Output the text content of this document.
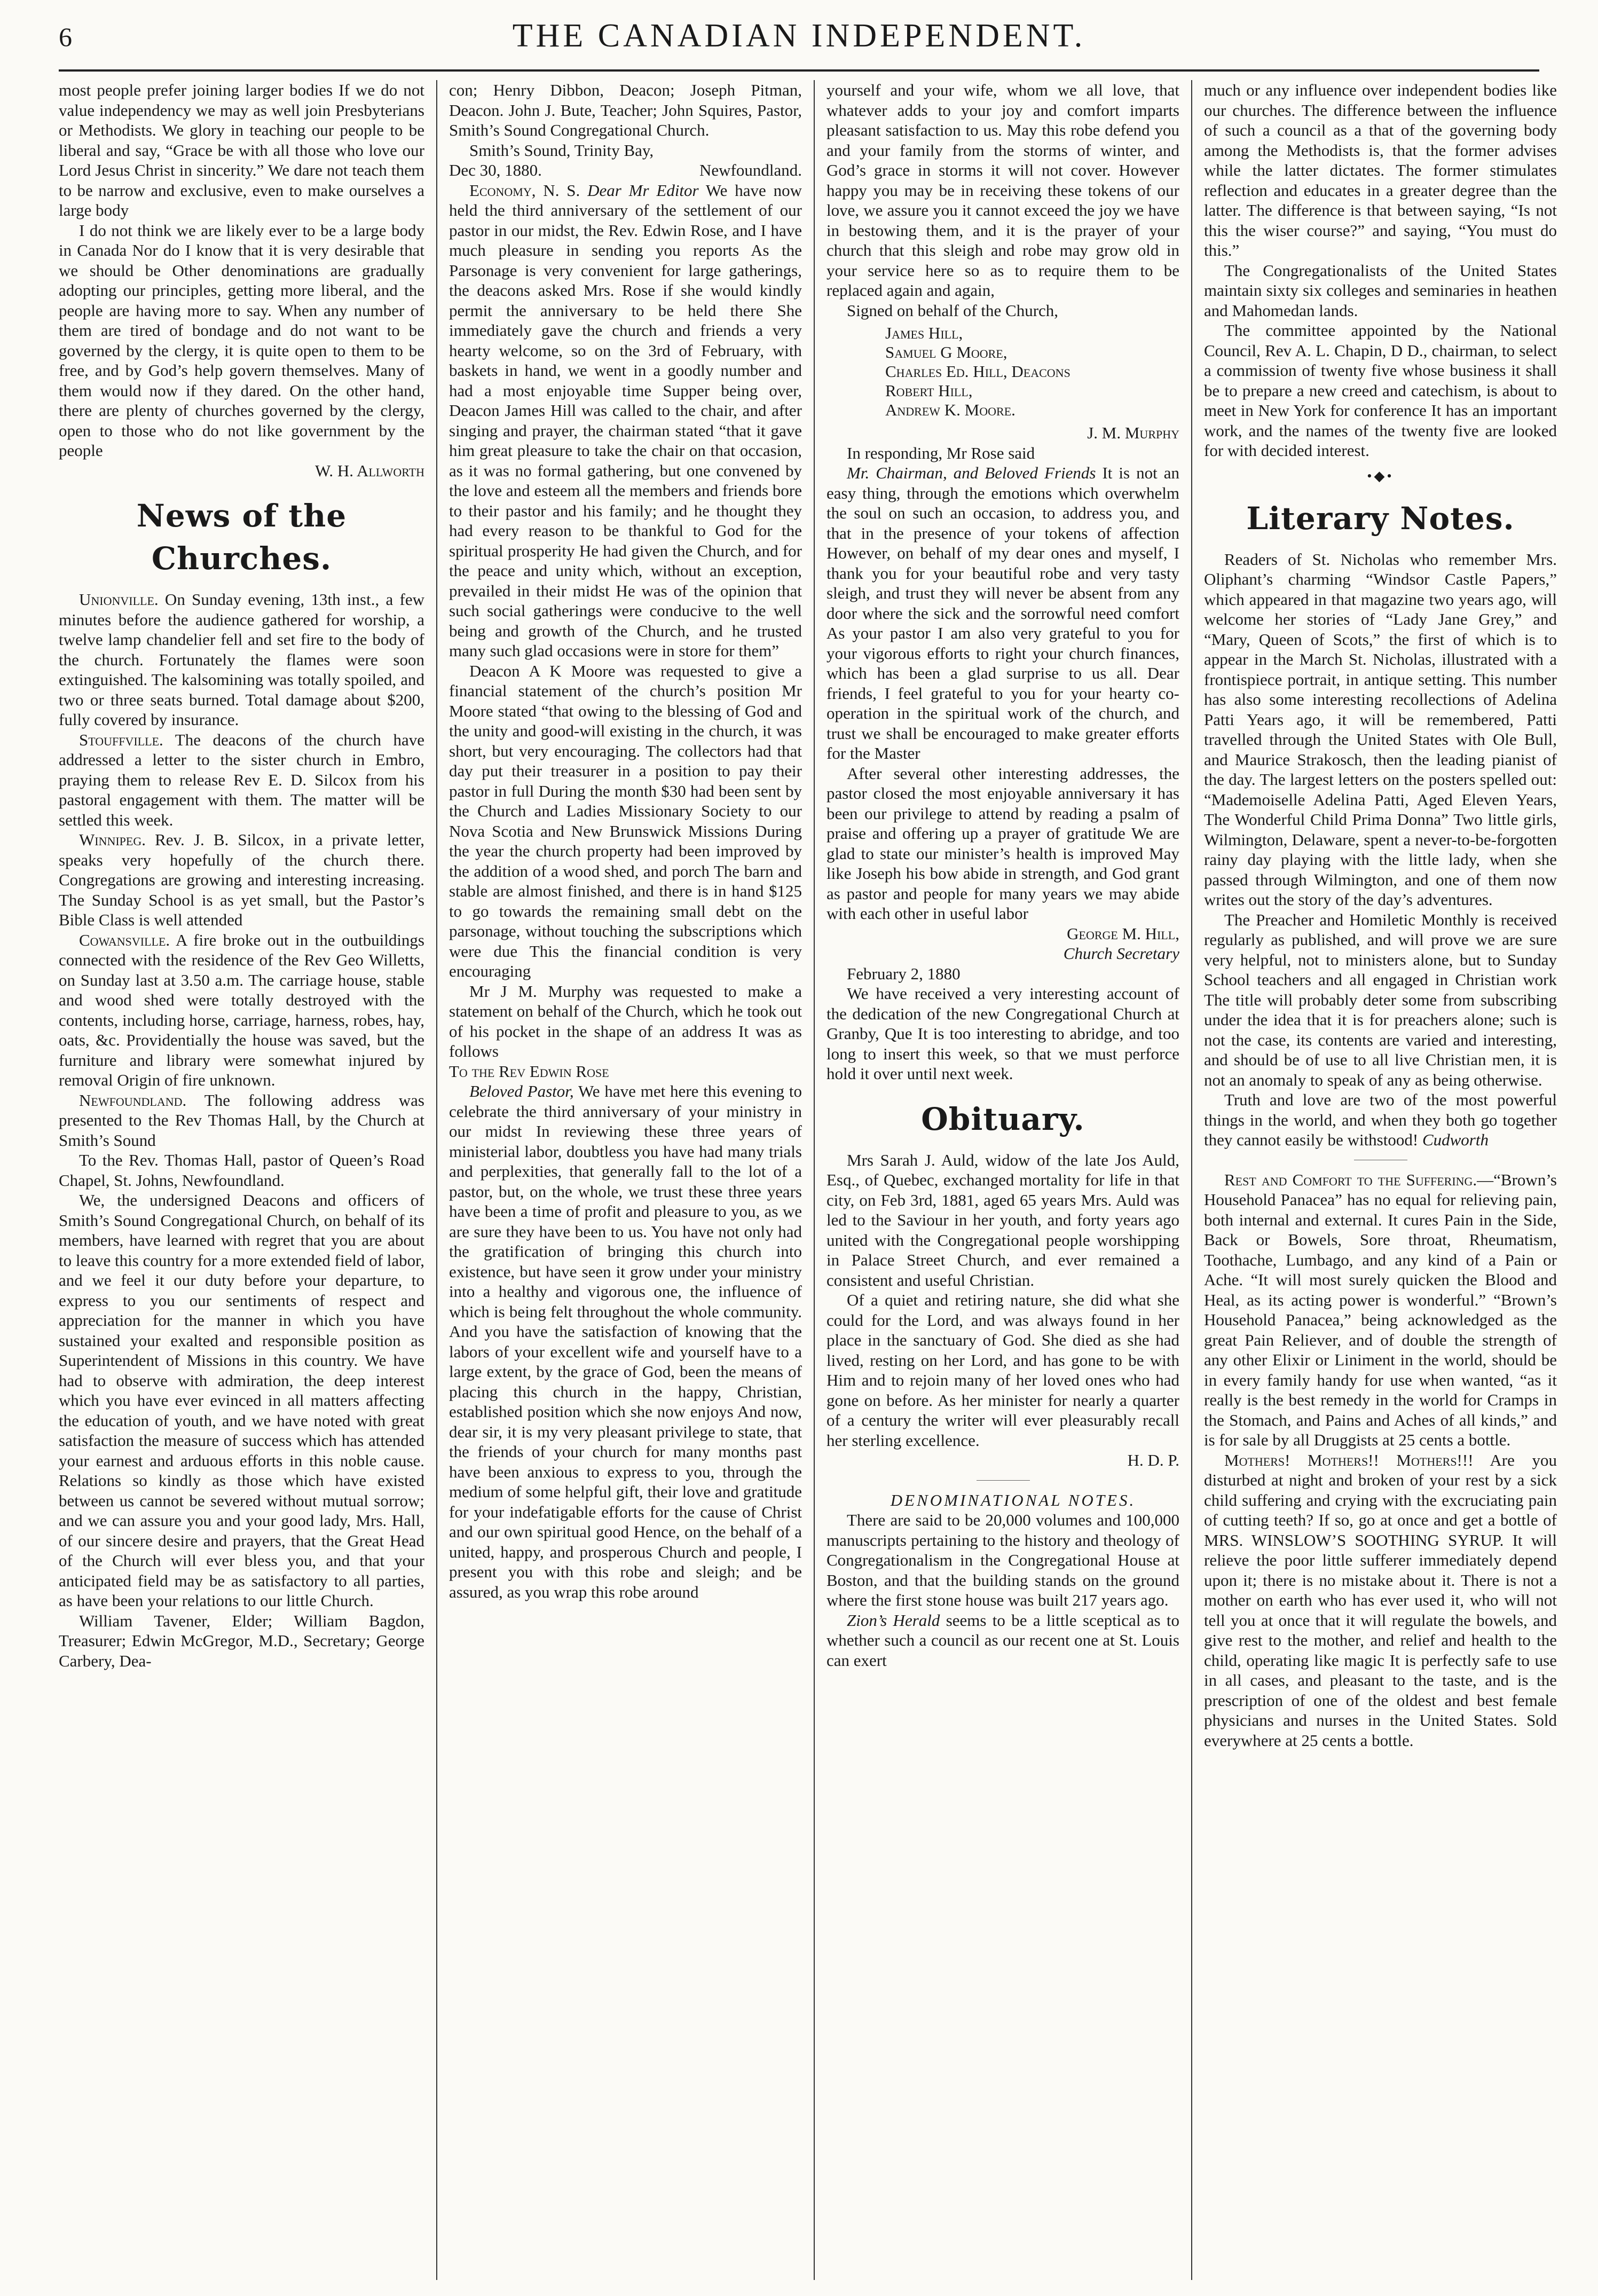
6	THE CANADIAN INDEPENDENT.

most people prefer joining larger bodies If we do not value independency we may as well join Presbyterians or Methodists. We glory in teaching our people to be liberal and say, “Grace be with all those who love our Lord Jesus Christ in sincerity.” We dare not teach them to be narrow and exclusive, even to make ourselves a large body

I do not think we are likely ever to be a large body in Canada Nor do I know that it is very desirable that we should be Other denominations are gradually adopting our principles, getting more liberal, and the people are having more to say. When any number of them are tired of bondage and do not want to be governed by the clergy, it is quite open to them to be free, and by God’s help govern themselves. Many of them would now if they dared. On the other hand, there are plenty of churches governed by the clergy, open to those who do not like government by the people

W. H. Allworth

News of the Churches.

Unionville. On Sunday evening, 13th inst., a few minutes before the audience gathered for worship, a twelve lamp chandelier fell and set fire to the body of the church. Fortunately the flames were soon extinguished. The kalsomining was totally spoiled, and two or three seats burned. Total damage about $200, fully covered by insurance.

Stouffville. The deacons of the church have addressed a letter to the sister church in Embro, praying them to release Rev E. D. Silcox from his pastoral engagement with them. The matter will be settled this week.

Winnipeg. Rev. J. B. Silcox, in a private letter, speaks very hopefully of the church there. Congregations are growing and interesting increasing. The Sunday School is as yet small, but the Pastor’s Bible Class is well attended

Cowansville. A fire broke out in the outbuildings connected with the residence of the Rev Geo Willetts, on Sunday last at 3.50 a.m. The carriage house, stable and wood shed were totally destroyed with the contents, including horse, carriage, harness, robes, hay, oats, &c. Providentially the house was saved, but the furniture and library were somewhat injured by removal Origin of fire unknown.

Newfoundland. The following address was presented to the Rev Thomas Hall, by the Church at Smith’s Sound

To the Rev. Thomas Hall, pastor of Queen’s Road Chapel, St. Johns, Newfoundland.

We, the undersigned Deacons and officers of Smith’s Sound Congregational Church, on behalf of its members, have learned with regret that you are about to leave this country for a more extended field of labor, and we feel it our duty before your departure, to express to you our sentiments of respect and appreciation for the manner in which you have sustained your exalted and responsible position as Superintendent of Missions in this country. We have had to observe with admiration, the deep interest which you have ever evinced in all matters affecting the education of youth, and we have noted with great satisfaction the measure of success which has attended your earnest and arduous efforts in this noble cause. Relations so kindly as those which have existed between us cannot be severed without mutual sorrow; and we can assure you and your good lady, Mrs. Hall, of our sincere desire and prayers, that the Great Head of the Church will ever bless you, and that your anticipated field may be as satisfactory to all parties, as have been your relations to our little Church.

William Tavener, Elder; William Bagdon, Treasurer; Edwin McGregor, M.D., Secretary; George Carbery, Dea-

con; Henry Dibbon, Deacon; Joseph Pitman, Deacon. John J. Bute, Teacher; John Squires, Pastor, Smith’s Sound Congregational Church.

Smith’s Sound, Trinity Bay,

Dec 30, 1880.	Newfoundland.

Economy, N. S. Dear Mr Editor We have now held the third anniversary of the settlement of our pastor in our midst, the Rev. Edwin Rose, and I have much pleasure in sending you reports As the Parsonage is very convenient for large gatherings, the deacons asked Mrs. Rose if she would kindly permit the anniversary to be held there She immediately gave the church and friends a very hearty welcome, so on the 3rd of February, with baskets in hand, we went in a goodly number and had a most enjoyable time Supper being over, Deacon James Hill was called to the chair, and after singing and prayer, the chairman stated “that it gave him great pleasure to take the chair on that occasion, as it was no formal gathering, but one convened by the love and esteem all the members and friends bore to their pastor and his family; and he thought they had every reason to be thankful to God for the spiritual prosperity He had given the Church, and for the peace and unity which, without an exception, prevailed in their midst He was of the opinion that such social gatherings were conducive to the well being and growth of the Church, and he trusted many such glad occasions were in store for them”

Deacon A K Moore was requested to give a financial statement of the church’s position Mr Moore stated “that owing to the blessing of God and the unity and good-will existing in the church, it was short, but very encouraging. The collectors had that day put their treasurer in a position to pay their pastor in full During the month $30 had been sent by the Church and Ladies Missionary Society to our Nova Scotia and New Brunswick Missions During the year the church property had been improved by the addition of a wood shed, and porch The barn and stable are almost finished, and there is in hand $125 to go towards the remaining small debt on the parsonage, without touching the subscriptions which were due This the financial condition is very encouraging

Mr J M. Murphy was requested to make a statement on behalf of the Church, which he took out of his pocket in the shape of an address It was as follows

To the Rev Edwin Rose

Beloved Pastor, We have met here this evening to celebrate the third anniversary of your ministry in our midst In reviewing these three years of ministerial labor, doubtless you have had many trials and perplexities, that generally fall to the lot of a pastor, but, on the whole, we trust these three years have been a time of profit and pleasure to you, as we are sure they have been to us. You have not only had the gratification of bringing this church into existence, but have seen it grow under your ministry into a healthy and vigorous one, the influence of which is being felt throughout the whole community. And you have the satisfaction of knowing that the labors of your excellent wife and yourself have to a large extent, by the grace of God, been the means of placing this church in the happy, Christian, established position which she now enjoys And now, dear sir, it is my very pleasant privilege to state, that the friends of your church for many months past have been anxious to express to you, through the medium of some helpful gift, their love and gratitude for your indefatigable efforts for the cause of Christ and our own spiritual good Hence, on the behalf of a united, happy, and prosperous Church and people, I present you with this robe and sleigh; and be assured, as you wrap this robe around

yourself and your wife, whom we all love, that whatever adds to your joy and comfort imparts pleasant satisfaction to us. May this robe defend you and your family from the storms of winter, and God’s grace in storms it will not cover. However happy you may be in receiving these tokens of our love, we assure you it cannot exceed the joy we have in bestowing them, and it is the prayer of your church that this sleigh and robe may grow old in your service here so as to require them to be replaced again and again,

Signed on behalf of the Church,

James Hill,
Samuel G Moore,
Charles Ed. Hill, Deacons
Robert Hill,
Andrew K. Moore.

J. M. Murphy

In responding, Mr Rose said

Mr. Chairman, and Beloved Friends It is not an easy thing, through the emotions which overwhelm the soul on such an occasion, to address you, and that in the presence of your tokens of affection However, on behalf of my dear ones and myself, I thank you for your beautiful robe and very tasty sleigh, and trust they will never be absent from any door where the sick and the sorrowful need comfort As your pastor I am also very grateful to you for your vigorous efforts to right your church finances, which has been a glad surprise to us all. Dear friends, I feel grateful to you for your hearty co-operation in the spiritual work of the church, and trust we shall be encouraged to make greater efforts for the Master

After several other interesting addresses, the pastor closed the most enjoyable anniversary it has been our privilege to attend by reading a psalm of praise and offering up a prayer of gratitude We are glad to state our minister’s health is improved May like Joseph his bow abide in strength, and God grant as pastor and people for many years we may abide with each other in useful labor

George M. Hill,

Church Secretary

February 2, 1880

We have received a very interesting account of the dedication of the new Congregational Church at Granby, Que It is too interesting to abridge, and too long to insert this week, so that we must perforce hold it over until next week.

Obituary.

Mrs Sarah J. Auld, widow of the late Jos Auld, Esq., of Quebec, exchanged mortality for life in that city, on Feb 3rd, 1881, aged 65 years Mrs. Auld was led to the Saviour in her youth, and forty years ago united with the Congregational people worshipping in Palace Street Church, and ever remained a consistent and useful Christian.

Of a quiet and retiring nature, she did what she could for the Lord, and was always found in her place in the sanctuary of God. She died as she had lived, resting on her Lord, and has gone to be with Him and to rejoin many of her loved ones who had gone on before. As her minister for nearly a quarter of a century the writer will ever pleasurably recall her sterling excellence.

H. D. P.

DENOMINATIONAL NOTES.

There are said to be 20,000 volumes and 100,000 manuscripts pertaining to the history and theology of Congregationalism in the Congregational House at Boston, and that the building stands on the ground where the first stone house was built 217 years ago.

Zion’s Herald seems to be a little sceptical as to whether such a council as our recent one at St. Louis can exert

much or any influence over independent bodies like our churches. The difference between the influence of such a council as a that of the governing body among the Methodists is, that the former advises while the latter dictates. The former stimulates reflection and educates in a greater degree than the latter. The difference is that between saying, “Is not this the wiser course?” and saying, “You must do this.”

The Congregationalists of the United States maintain sixty six colleges and seminaries in heathen and Mahomedan lands.

The committee appointed by the National Council, Rev A. L. Chapin, D D., chairman, to select a commission of twenty five whose business it shall be to prepare a new creed and catechism, is about to meet in New York for conference It has an important work, and the names of the twenty five are looked for with decided interest.

•◆•
Literary Notes.

Readers of St. Nicholas who remember Mrs. Oliphant’s charming “Windsor Castle Papers,” which appeared in that magazine two years ago, will welcome her stories of “Lady Jane Grey,” and “Mary, Queen of Scots,” the first of which is to appear in the March St. Nicholas, illustrated with a frontispiece portrait, in antique setting. This number has also some interesting recollections of Adelina Patti Years ago, it will be remembered, Patti travelled through the United States with Ole Bull, and Maurice Strakosch, then the leading pianist of the day. The largest letters on the posters spelled out: “Mademoiselle Adelina Patti, Aged Eleven Years, The Wonderful Child Prima Donna” Two little girls, Wilmington, Delaware, spent a never-to-be-forgotten rainy day playing with the little lady, when she passed through Wilmington, and one of them now writes out the story of the day’s adventures.

The Preacher and Homiletic Monthly is received regularly as published, and will prove we are sure very helpful, not to ministers alone, but to Sunday School teachers and all engaged in Christian work The title will probably deter some from subscribing under the idea that it is for preachers alone; such is not the case, its contents are varied and interesting, and should be of use to all live Christian men, it is not an anomaly to speak of any as being otherwise.

Truth and love are two of the most powerful things in the world, and when they both go together they cannot easily be withstood! Cudworth

Rest and Comfort to the Suffering.—“Brown’s Household Panacea” has no equal for relieving pain, both internal and external. It cures Pain in the Side, Back or Bowels, Sore throat, Rheumatism, Toothache, Lumbago, and any kind of a Pain or Ache. “It will most surely quicken the Blood and Heal, as its acting power is wonderful.” “Brown’s Household Panacea,” being acknowledged as the great Pain Reliever, and of double the strength of any other Elixir or Liniment in the world, should be in every family handy for use when wanted, “as it really is the best remedy in the world for Cramps in the Stomach, and Pains and Aches of all kinds,” and is for sale by all Druggists at 25 cents a bottle.

Mothers! Mothers!! Mothers!!! Are you disturbed at night and broken of your rest by a sick child suffering and crying with the excruciating pain of cutting teeth? If so, go at once and get a bottle of MRS. WINSLOW’S SOOTHING SYRUP. It will relieve the poor little sufferer immediately depend upon it; there is no mistake about it. There is not a mother on earth who has ever used it, who will not tell you at once that it will regulate the bowels, and give rest to the mother, and relief and health to the child, operating like magic It is perfectly safe to use in all cases, and pleasant to the taste, and is the prescription of one of the oldest and best female physicians and nurses in the United States. Sold everywhere at 25 cents a bottle.
